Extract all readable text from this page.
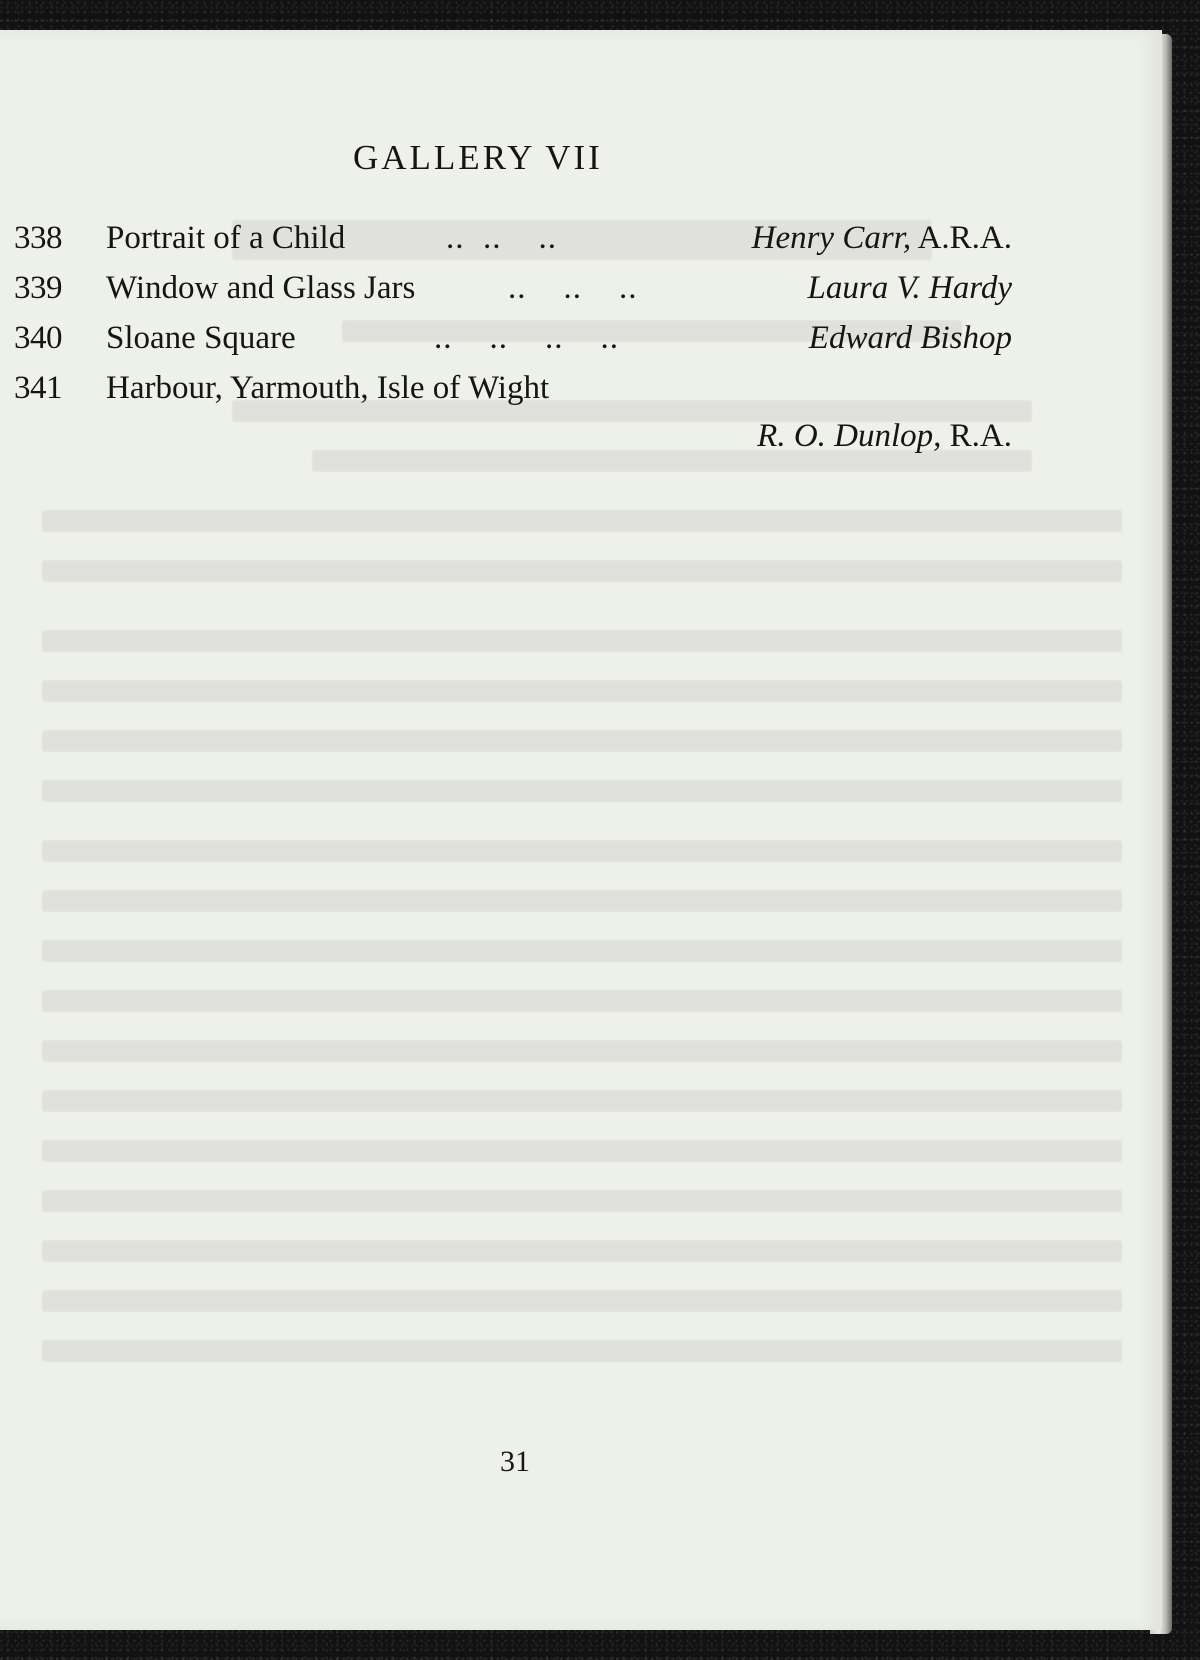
GALLERY VII
338 Portrait of a Child	..  ..    ..	Henry Carr, A.R.A.
339 Window and Glass Jars	..    ..    ..	Laura V. Hardy
340 Sloane Square	..    ..    ..    ..	Edward Bishop
341 Harbour, Yarmouth, Isle of Wight
R. O. Dunlop, R.A.
31
